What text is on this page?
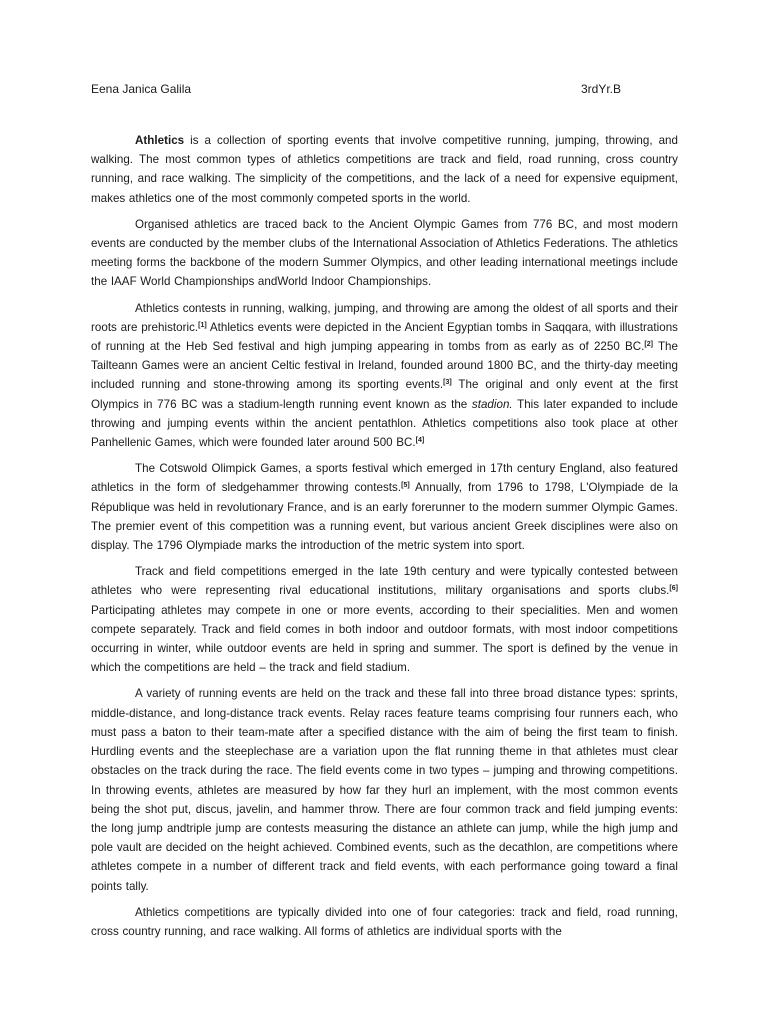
Eena Janica Galila	3rdYr.B

Athletics is a collection of sporting events that involve competitive running, jumping, throwing, and walking. The most common types of athletics competitions are track and field, road running, cross country running, and race walking. The simplicity of the competitions, and the lack of a need for expensive equipment, makes athletics one of the most commonly competed sports in the world.

Organised athletics are traced back to the Ancient Olympic Games from 776 BC, and most modern events are conducted by the member clubs of the International Association of Athletics Federations. The athletics meeting forms the backbone of the modern Summer Olympics, and other leading international meetings include the IAAF World Championships andWorld Indoor Championships.

Athletics contests in running, walking, jumping, and throwing are among the oldest of all sports and their roots are prehistoric.[1] Athletics events were depicted in the Ancient Egyptian tombs in Saqqara, with illustrations of running at the Heb Sed festival and high jumping appearing in tombs from as early as of 2250 BC.[2] The Tailteann Games were an ancient Celtic festival in Ireland, founded around 1800 BC, and the thirty-day meeting included running and stone-throwing among its sporting events.[3] The original and only event at the first Olympics in 776 BC was a stadium-length running event known as the stadion. This later expanded to include throwing and jumping events within the ancient pentathlon. Athletics competitions also took place at other Panhellenic Games, which were founded later around 500 BC.[4]

The Cotswold Olimpick Games, a sports festival which emerged in 17th century England, also featured athletics in the form of sledgehammer throwing contests.[5] Annually, from 1796 to 1798, L'Olympiade de la République was held in revolutionary France, and is an early forerunner to the modern summer Olympic Games. The premier event of this competition was a running event, but various ancient Greek disciplines were also on display. The 1796 Olympiade marks the introduction of the metric system into sport.

Track and field competitions emerged in the late 19th century and were typically contested between athletes who were representing rival educational institutions, military organisations and sports clubs.[6] Participating athletes may compete in one or more events, according to their specialities. Men and women compete separately. Track and field comes in both indoor and outdoor formats, with most indoor competitions occurring in winter, while outdoor events are held in spring and summer. The sport is defined by the venue in which the competitions are held – the track and field stadium.

A variety of running events are held on the track and these fall into three broad distance types: sprints, middle-distance, and long-distance track events. Relay races feature teams comprising four runners each, who must pass a baton to their team-mate after a specified distance with the aim of being the first team to finish. Hurdling events and the steeplechase are a variation upon the flat running theme in that athletes must clear obstacles on the track during the race. The field events come in two types – jumping and throwing competitions. In throwing events, athletes are measured by how far they hurl an implement, with the most common events being the shot put, discus, javelin, and hammer throw. There are four common track and field jumping events: the long jump andtriple jump are contests measuring the distance an athlete can jump, while the high jump and pole vault are decided on the height achieved. Combined events, such as the decathlon, are competitions where athletes compete in a number of different track and field events, with each performance going toward a final points tally.

Athletics competitions are typically divided into one of four categories: track and field, road running, cross country running, and race walking. All forms of athletics are individual sports with the
